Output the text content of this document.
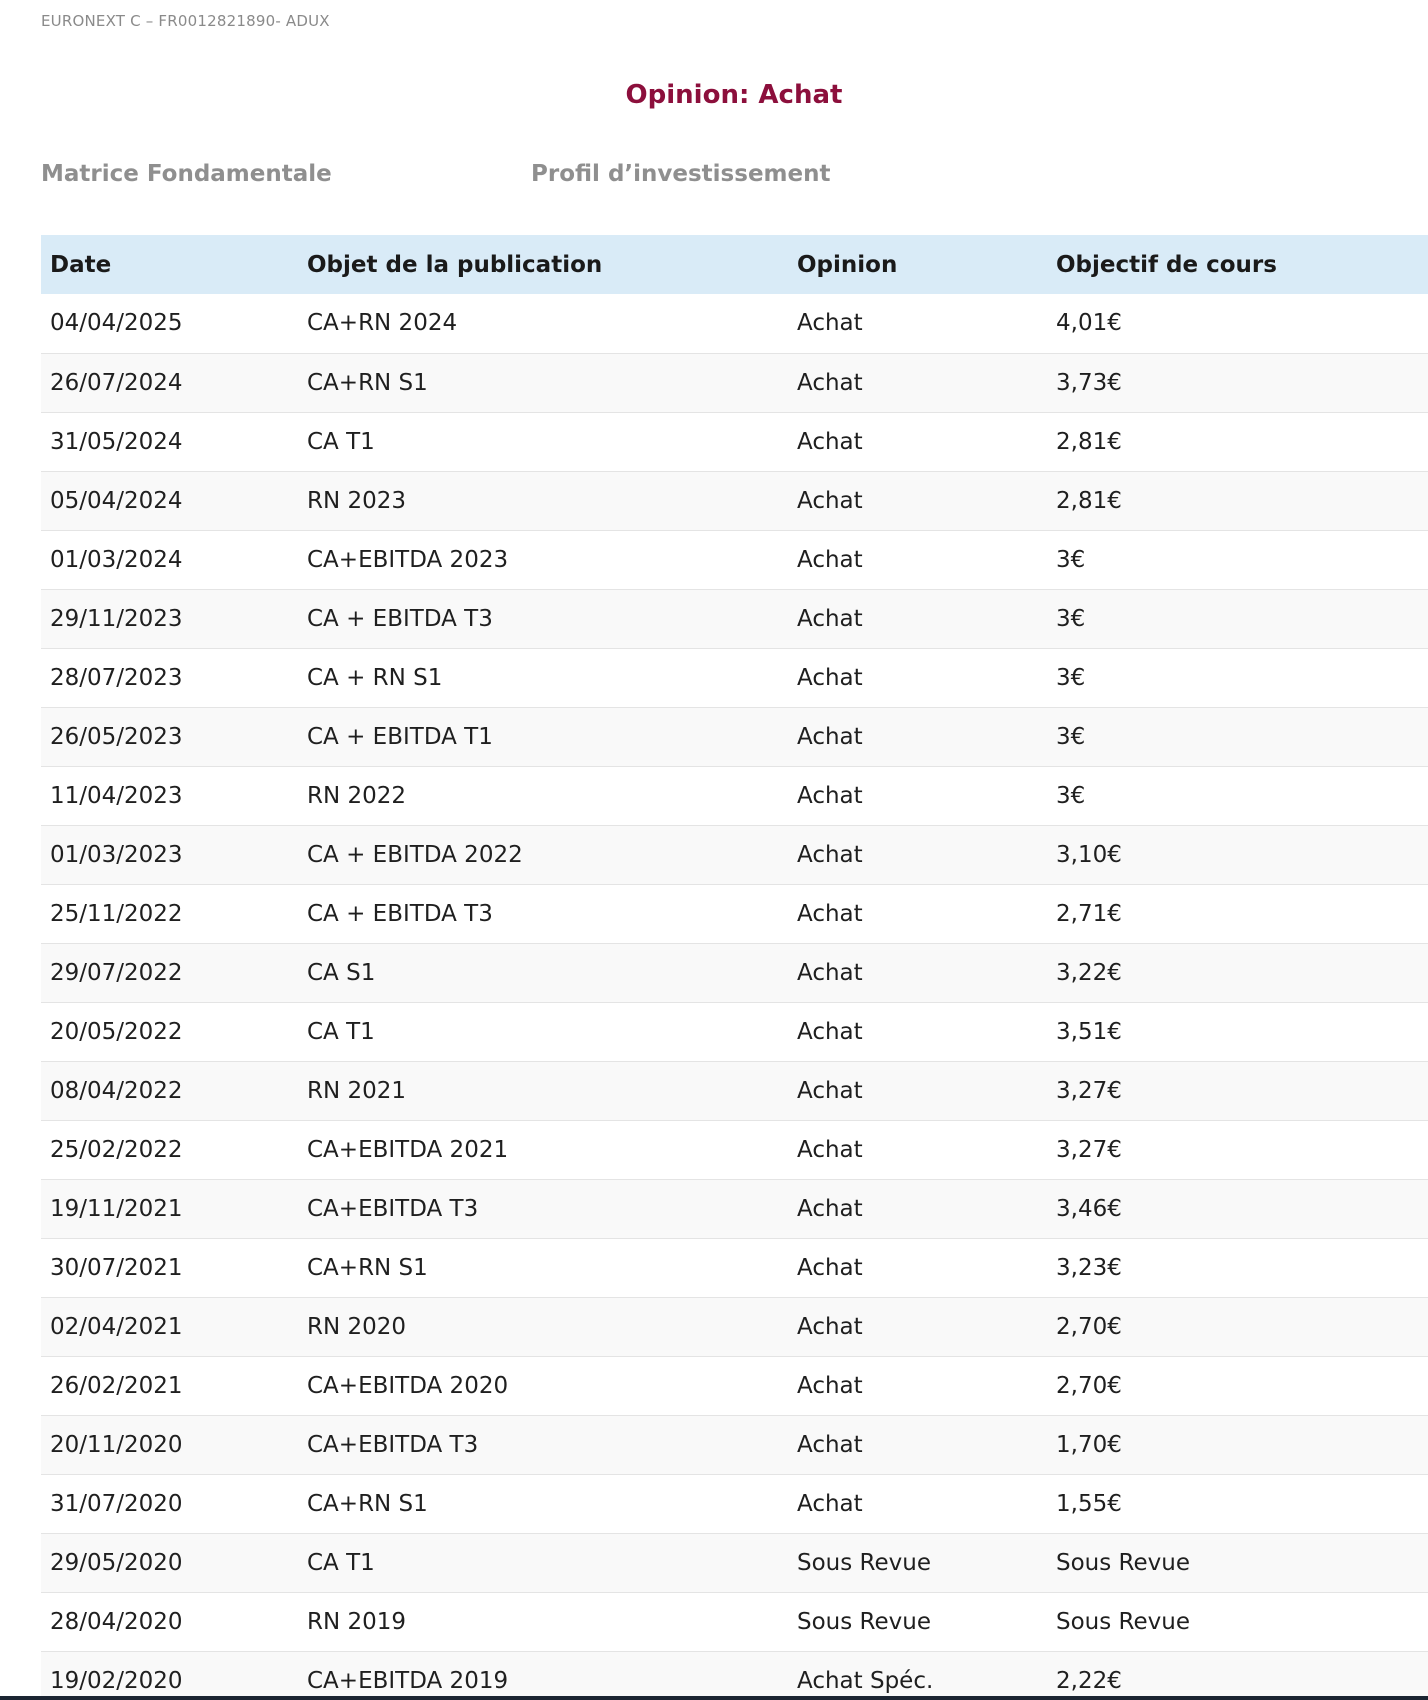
EURONEXT C – FR0012821890- ADUX
Opinion: Achat
Matrice Fondamentale	Profil d’investissement
Date	Objet de la publication	Opinion	Objectif de cours
04/04/2025	CA+RN 2024	Achat	4,01€
26/07/2024	CA+RN S1	Achat	3,73€
31/05/2024	CA T1	Achat	2,81€
05/04/2024	RN 2023	Achat	2,81€
01/03/2024	CA+EBITDA 2023	Achat	3€
29/11/2023	CA + EBITDA T3	Achat	3€
28/07/2023	CA + RN S1	Achat	3€
26/05/2023	CA + EBITDA T1	Achat	3€
11/04/2023	RN 2022	Achat	3€
01/03/2023	CA + EBITDA 2022	Achat	3,10€
25/11/2022	CA + EBITDA T3	Achat	2,71€
29/07/2022	CA S1	Achat	3,22€
20/05/2022	CA T1	Achat	3,51€
08/04/2022	RN 2021	Achat	3,27€
25/02/2022	CA+EBITDA 2021	Achat	3,27€
19/11/2021	CA+EBITDA T3	Achat	3,46€
30/07/2021	CA+RN S1	Achat	3,23€
02/04/2021	RN 2020	Achat	2,70€
26/02/2021	CA+EBITDA 2020	Achat	2,70€
20/11/2020	CA+EBITDA T3	Achat	1,70€
31/07/2020	CA+RN S1	Achat	1,55€
29/05/2020	CA T1	Sous Revue	Sous Revue
28/04/2020	RN 2019	Sous Revue	Sous Revue
19/02/2020	CA+EBITDA 2019	Achat Spéc.	2,22€
